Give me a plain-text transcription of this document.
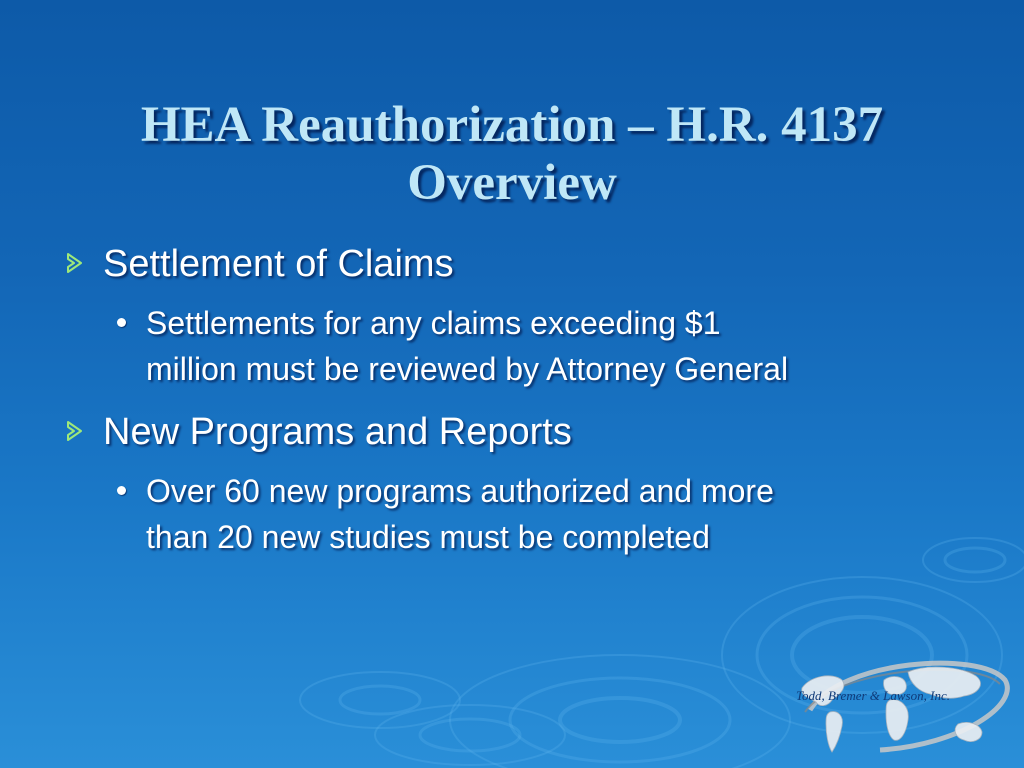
HEA Reauthorization – H.R. 4137
Overview
Settlement of Claims
Settlements for any claims exceeding $1
million must be reviewed by Attorney General
New Programs and Reports
Over 60 new programs authorized and more
than 20 new studies must be completed
Todd, Bremer & Lawson, Inc.
